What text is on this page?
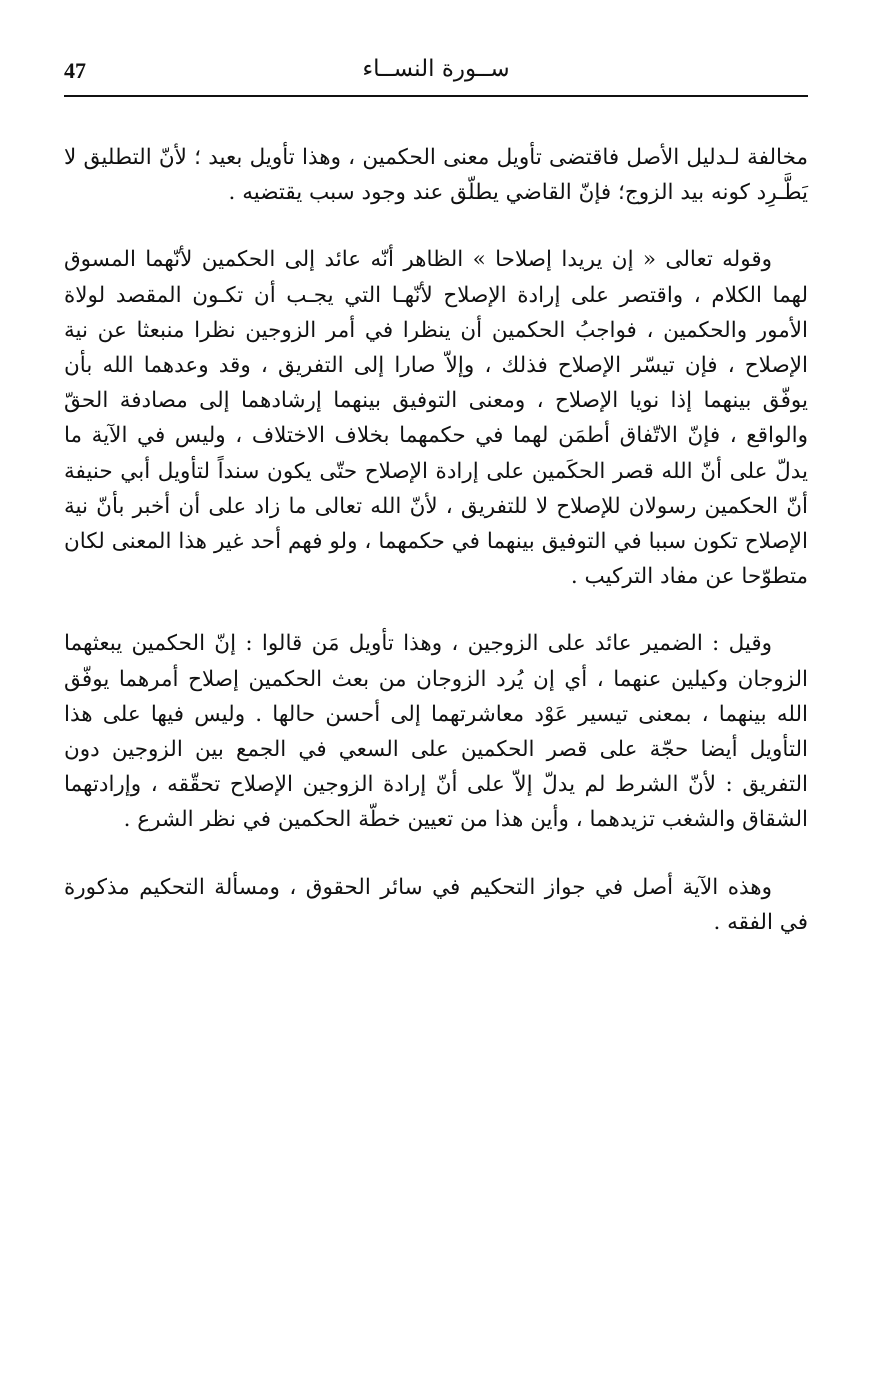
47	ســورة النســاء

مخالفة لـدليل الأصل فاقتضى تأويل معنى الحكمين ، وهذا تأويل بعيد ؛ لأنّ التطليق لا يَطَّـرِد كونه بيد الزوج؛ فإنّ القاضي يطلّق عند وجود سبب يقتضيه .

وقوله تعالى « إن يريدا إصلاحا » الظاهر أنّه عائد إلى الحكمين لأنّهما المسوق لهما الكلام ، واقتصر على إرادة الإصلاح لأنّهـا التي يجـب أن تكـون المقصد لولاة الأمور والحكمين ، فواجبُ الحكمين أن ينظرا في أمر الزوجين نظرا منبعثا عن نية الإصلاح ، فإن تيسّر الإصلاح فذلك ، وإلاّ صارا إلى التفريق ، وقد وعدهما الله بأن يوفّق بينهما إذا نويا الإصلاح ، ومعنى التوفيق بينهما إرشادهما إلى مصادفة الحقّ والواقع ، فإنّ الاتّفاق أطمَن لهما في حكمهما بخلاف الاختلاف ، وليس في الآية ما يدلّ على أنّ الله قصر الحكَمين على إرادة الإصلاح حتّى يكون سنداً لتأويل أبي حنيفة أنّ الحكمين رسولان للإصلاح لا للتفريق ، لأنّ الله تعالى ما زاد على أن أخبر بأنّ نية الإصلاح تكون سببا في التوفيق بينهما في حكمهما ، ولو فهم أحد غير هذا المعنى لكان متطوّحا عن مفاد التركيب .

وقيل : الضمير عائد على الزوجين ، وهذا تأويل مَن قالوا : إنّ الحكمين يبعثهما الزوجان وكيلين عنهما ، أي إن يُرد الزوجان من بعث الحكمين إصلاح أمرهما يوفّق الله بينهما ، بمعنى تيسير عَوْد معاشرتهما إلى أحسن حالها . وليس فيها على هذا التأويل أيضا حجّة على قصر الحكمين على السعي في الجمع بين الزوجين دون التفريق : لأنّ الشرط لم يدلّ إلاّ على أنّ إرادة الزوجين الإصلاح تحقّقه ، وإرادتهما الشقاق والشغب تزيدهما ، وأين هذا من تعيين خطّة الحكمين في نظر الشرع .

وهذه الآية أصل في جواز التحكيم في سائر الحقوق ، ومسألة التحكيم مذكورة في الفقه .
